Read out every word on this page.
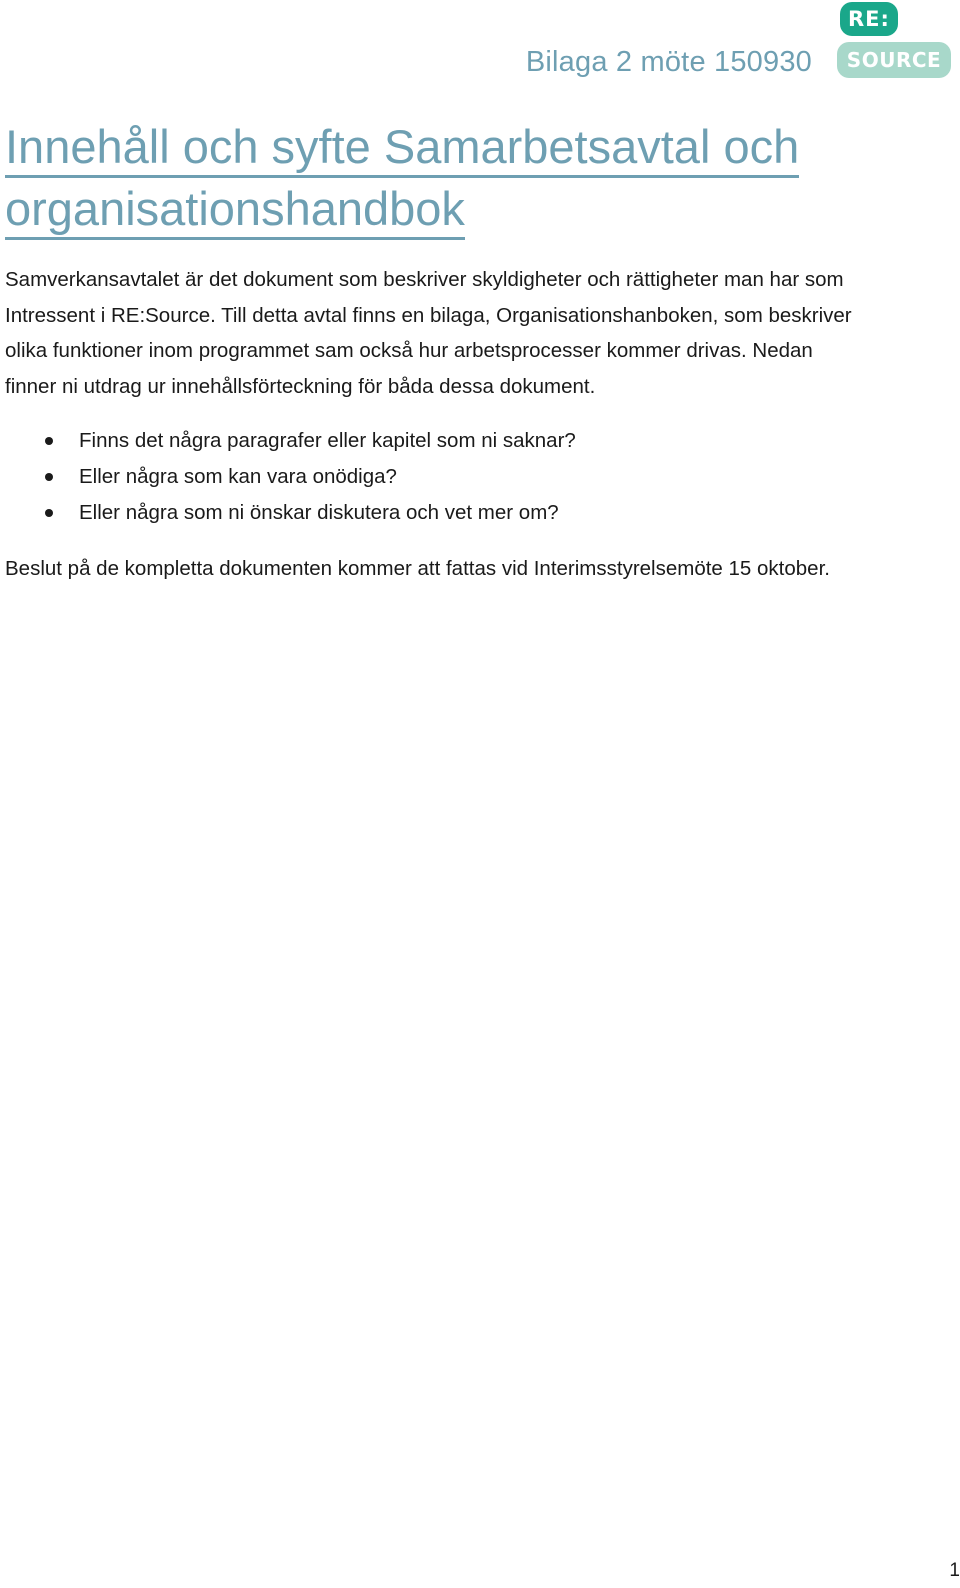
Bilaga 2 möte 150930
RE:
SOURCE
Innehåll och syfte Samarbetsavtal och
organisationshandbok

Samverkansavtalet är det dokument som beskriver skyldigheter och rättigheter man har som
Intressent i RE:Source. Till detta avtal finns en bilaga, Organisationshanboken, som beskriver
olika funktioner inom programmet sam också hur arbetsprocesser kommer drivas. Nedan
finner ni utdrag ur innehållsförteckning för båda dessa dokument.

Finns det några paragrafer eller kapitel som ni saknar?
Eller några som kan vara onödiga?
Eller några som ni önskar diskutera och vet mer om?

Beslut på de kompletta dokumenten kommer att fattas vid Interimsstyrelsemöte 15 oktober.

1
